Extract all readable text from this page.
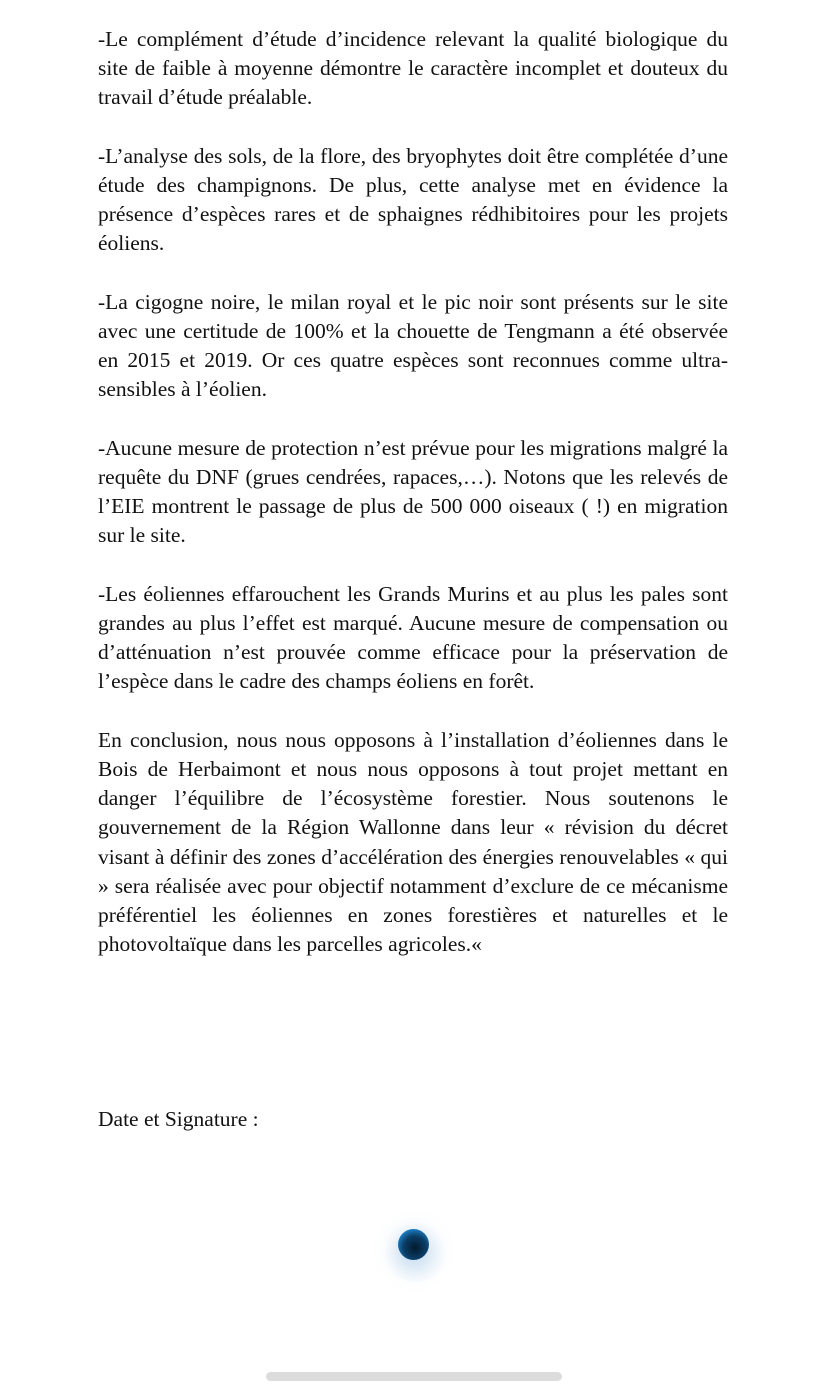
-Le complément d’étude d’incidence relevant la qualité biologique du site de faible à moyenne démontre le caractère incomplet et douteux du travail d’étude préalable.

-L’analyse des sols, de la flore, des bryophytes doit être complétée d’une étude des champignons. De plus, cette analyse met en évidence la présence d’espèces rares et de sphaignes rédhibitoires pour les projets éoliens.

-La cigogne noire, le milan royal et le pic noir sont présents sur le site avec une certitude de 100% et la chouette de Tengmann a été observée en 2015 et 2019. Or ces quatre espèces sont reconnues comme ultra-sensibles à l’éolien.

-Aucune mesure de protection n’est prévue pour les migrations malgré la requête du DNF (grues cendrées, rapaces,…). Notons que les relevés de l’EIE montrent le passage de plus de 500 000 oiseaux ( !) en migration sur le site.

-Les éoliennes effarouchent les Grands Murins et au plus les pales sont grandes au plus l’effet est marqué. Aucune mesure de compensation ou d’atténuation n’est prouvée comme efficace pour la préservation de l’espèce dans le cadre des champs éoliens en forêt.

En conclusion, nous nous opposons à l’installation d’éoliennes dans le Bois de Herbaimont et nous nous opposons à tout projet mettant en danger l’équilibre de l’écosystème forestier. Nous soutenons le gouvernement de la Région Wallonne dans leur « révision du décret visant à définir des zones d’accélération des énergies renouvelables « qui » sera réalisée avec pour objectif notamment d’exclure de ce mécanisme préférentiel les éoliennes en zones forestières et naturelles et le photovoltaïque dans les parcelles agricoles.«

Date et Signature :
